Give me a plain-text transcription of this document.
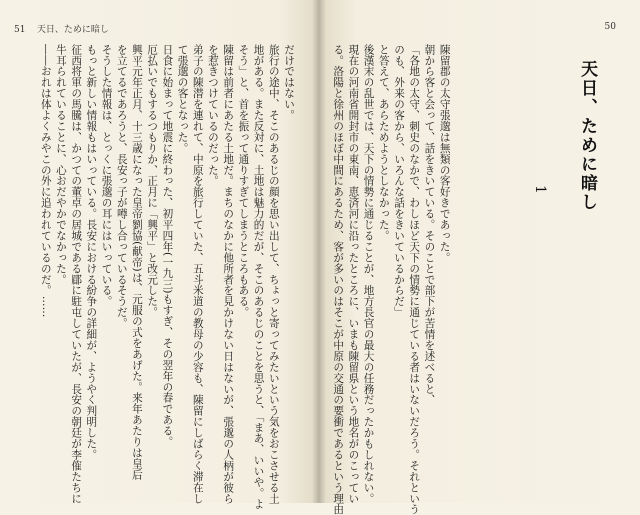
51 天日、ために暗し
だけではない。
旅行の途中、そこのあるじの顔を思い出して、ちょっと寄ってみたいという気をおこさせる土
地がある。また反対に、土地は魅力的だが、そこのあるじのことを思うと、「まあ、いいや。よ
そう」と、首を振って通りすぎてしまうところもある。
陳留は前者にあたる土地だ。まちのなかに他所者を見かけない日はないが、張邈の人柄が彼ら
を惹きつけているのだった。
弟子の陳潜を連れて、中原を旅行していた、五斗米道の教母の少容も、陳留にしばらく滞在し
て張邈の客となった。
日食に始まって地震に終わった、初平四年(一九三)もすぎ、その翌年の春である。
厄払いでもするつもりか、正月に「興平」と改元した。
興平元年正月、十三歳になった皇帝劉協(献帝)は、元服の式をあげた。来年あたりは皇后
を立てるであろうと、長安っ子が噂し合っているそうだ。
そうした情報は、とっくに張邈の耳にはいっている。
もっと新しい情報もはいっている。長安における紛争の詳細が、ようやく判明した。
征西将軍の馬騰は、かつての董卓の居城である郿に駐屯していたが、長安の朝廷が李傕たちに
牛耳られていることに、心おだやかでなかった。
――おれは体よくみやこの外に追われているのだ。……
50
天日、ために暗し
1
陳留郡の太守張邈は無類の客好きであった。
朝から客と会って、話をきいている。そのことで部下が苦情を述べると、
「各地の太守、刺史のなかで、わしほど天下の情勢に通じている者はいないだろう。それという
のも、外来の客から、いろんな話をきいているからだ」
と答えて、あらためようとしなかった。
後漢末の乱世では、天下の情勢に通じることが、地方長官の最大の任務だったかもしれない。
現在の河南省開封市の東南、恵済河に沿ったところに、いまも陳留県という地名がのこってい
る。洛陽と徐州のほぼ中間にあるため、客が多いのはそこが中原の交通の要衝であるという理由
